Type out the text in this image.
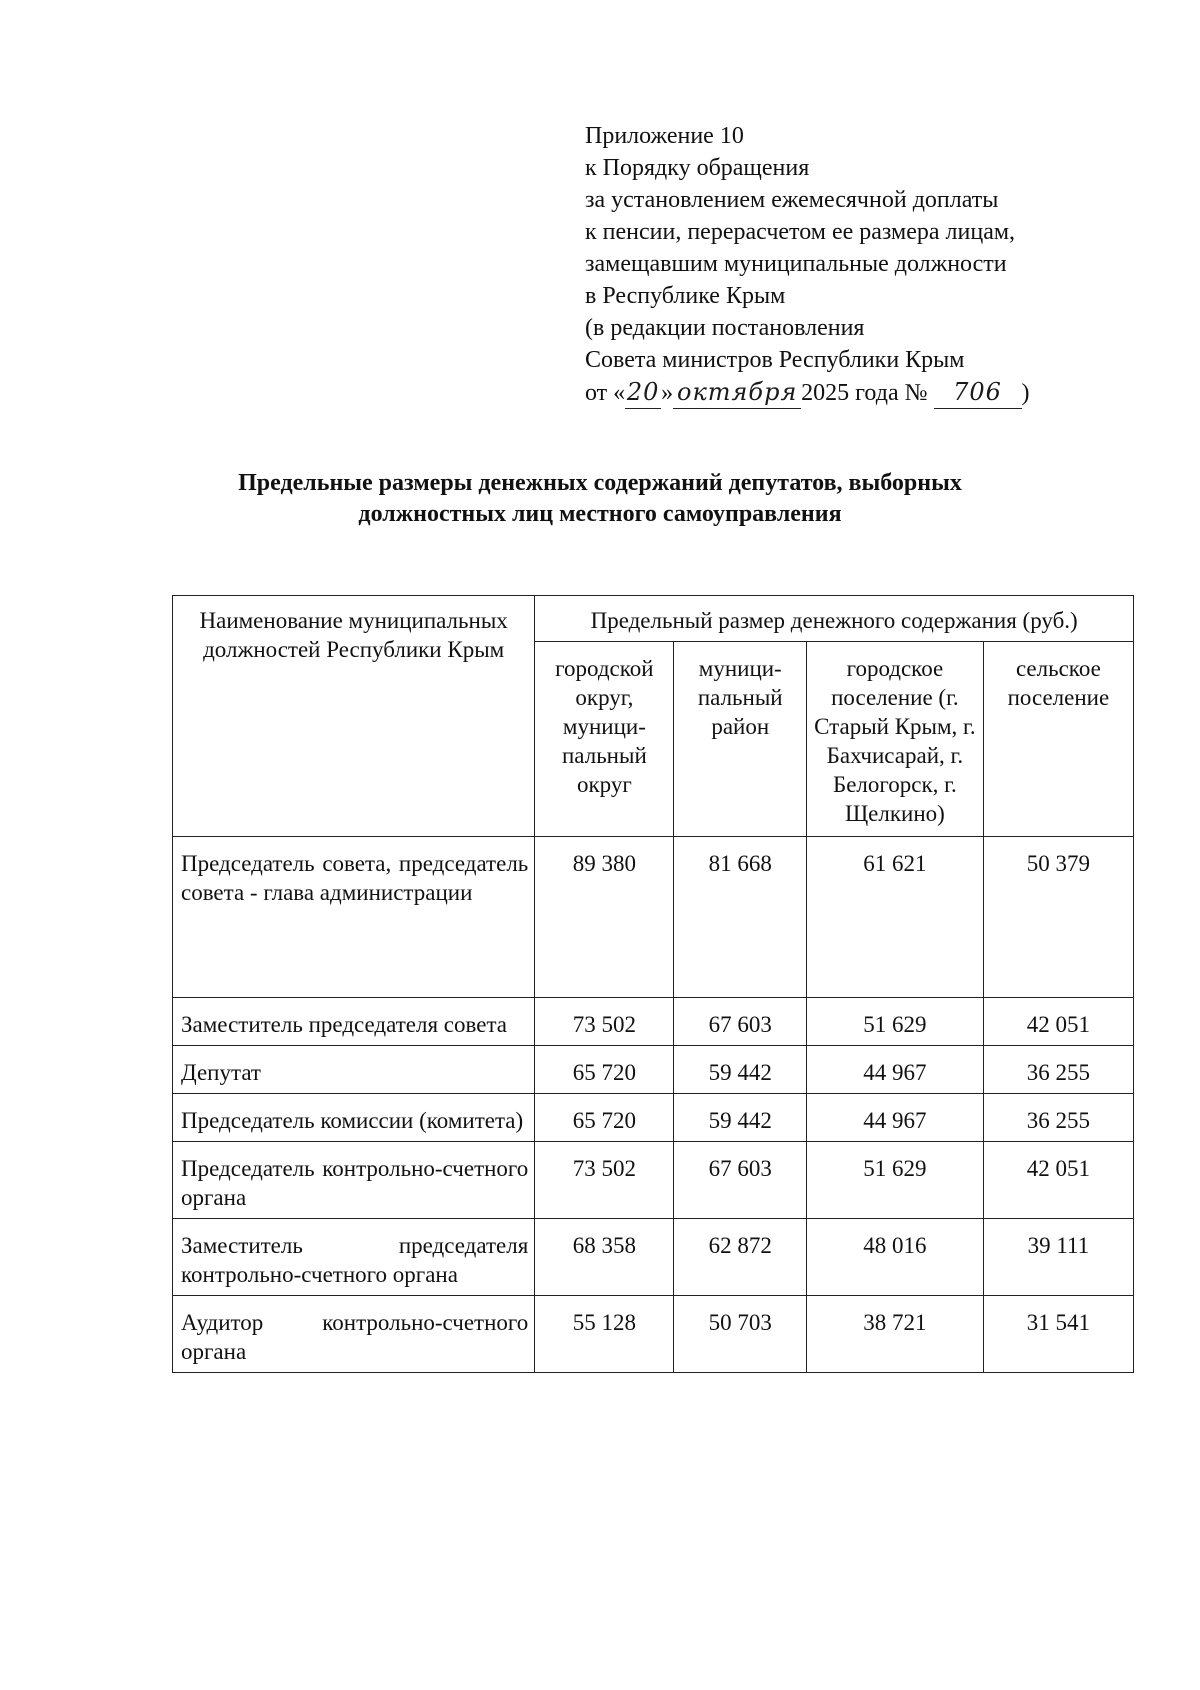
Приложение 10
к Порядку обращения
за установлением ежемесячной доплаты
к пенсии, перерасчетом ее размера лицам,
замещавшим муниципальные должности
в Республике Крым
(в редакции постановления
Совета министров Республики Крым
от «20» октября 2025 года № 706 )
Предельные размеры денежных содержаний депутатов, выборных
должностных лиц местного самоуправления
Наименование муниципальных должностей Республики Крым	Предельный размер денежного содержания (руб.)			
	городской округ, муници-пальный округ	муници-пальный район	городское поселение (г. Старый Крым, г. Бахчисарай, г. Белогорск, г. Щелкино)	сельское поселение
Председатель совета, председатель совета - глава администрации	89 380	81 668	61 621	50 379
Заместитель председателя совета	73 502	67 603	51 629	42 051
Депутат	65 720	59 442	44 967	36 255
Председатель комиссии (комитета)	65 720	59 442	44 967	36 255
Председатель контрольно-счетного органа	73 502	67 603	51 629	42 051
Заместитель председателя контрольно-счетного органа	68 358	62 872	48 016	39 111
Аудитор контрольно-счетного органа	55 128	50 703	38 721	31 541
